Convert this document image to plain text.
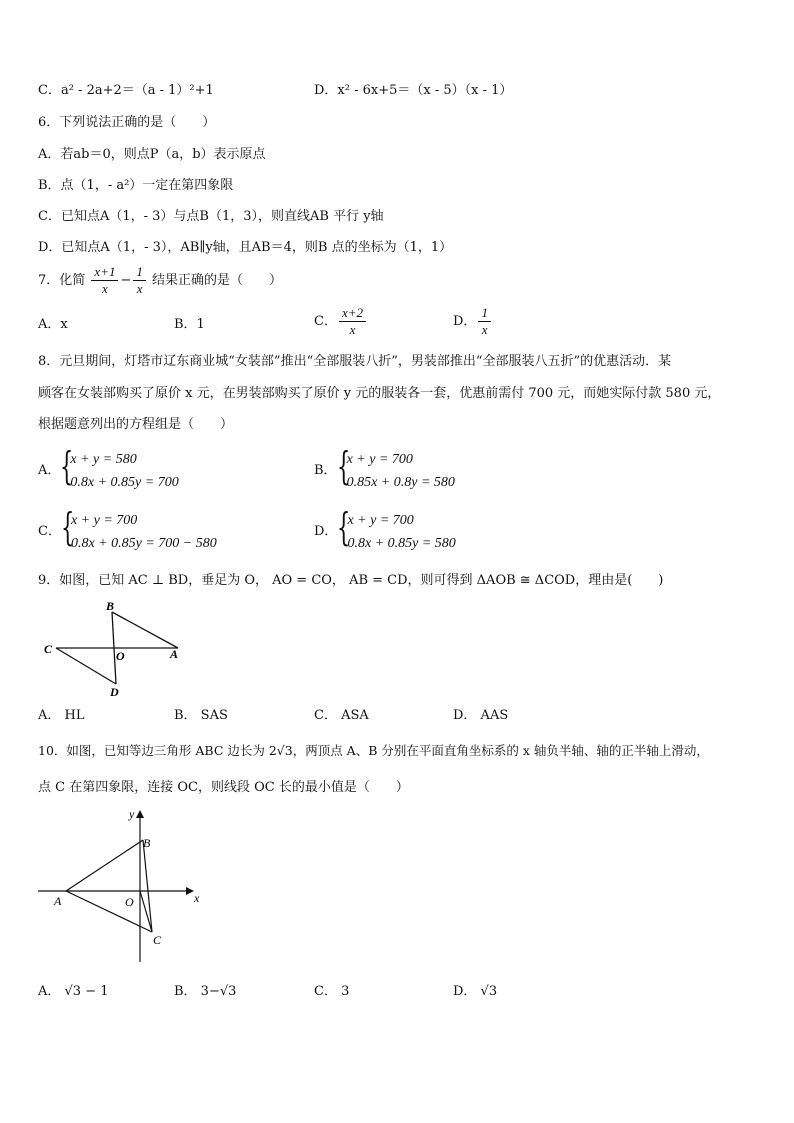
C．a² - 2a+2＝（a - 1）²+1	D．x² - 6x+5＝（x - 5）（x - 1）
6．下列说法正确的是（　　）
A．若ab＝0，则点P（a，b）表示原点
B．点（1，- a²）一定在第四象限
C．已知点A（1，- 3）与点B（1，3），则直线AB 平行 y轴
D．已知点A（1，- 3），AB∥y轴，且AB＝4，则B 点的坐标为（1，1）
7．化简 $\frac{x+1}{x} - \frac{1}{x}$ 结果正确的是（　　）
A．x	B．1	C． $\frac{x+2}{x}$	D． $\frac{1}{x}$
8．元旦期间，灯塔市辽东商业城“女装部”推出“全部服装八折”，男装部推出“全部服装八五折”的优惠活动．某
顾客在女装部购买了原价 x 元，在男装部购买了原价 y 元的服装各一套，优惠前需付 700 元，而她实际付款 580 元，
根据题意列出的方程组是（　　）
A． {
x + y = 580
0.8x + 0.85y = 700
B． {
x + y = 700
0.85x + 0.8y = 580
C． {
x + y = 700
0.8x + 0.85y = 700 − 580
D． {
x + y = 700
0.8x + 0.85y = 580
9．如图，已知 AC ⊥ BD，垂足为 O， AO = CO， AB = CD，则可得到 ΔAOB ≅ ΔCOD，理由是(　　)
B
C	O	A
D
A． HL	B． SAS	C． ASA	D． AAS
10．如图，已知等边三角形 ABC 边长为 2√3，两顶点 A、B 分别在平面直角坐标系的 x 轴负半轴、轴的正半轴上滑动，
点 C 在第四象限，连接 OC，则线段 OC 长的最小值是（　　）
y
B
A	O	x
C
A． √3 − 1	B． 3−√3	C． 3	D． √3
